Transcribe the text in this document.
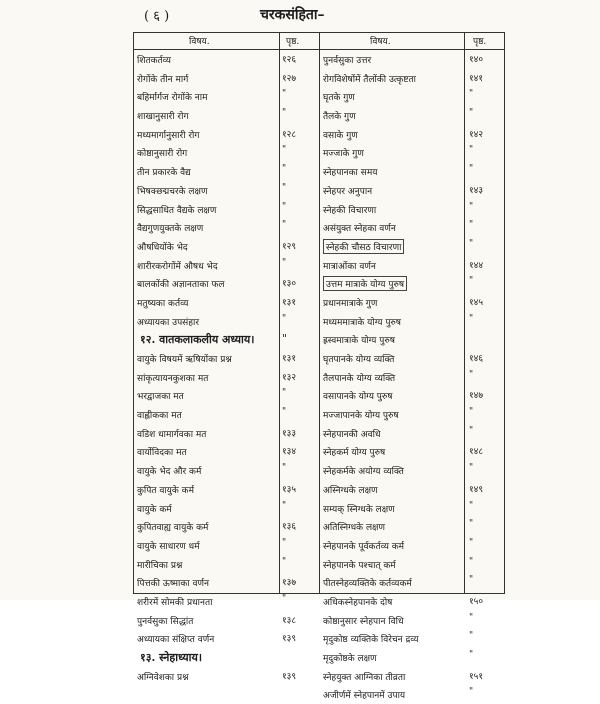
( ६ )	चरकसंहिता–
विषय.	पृष्ठ.	विषय.	पृष्ठ.
शितकर्तव्य	१२६
रोगोंके तीन मार्ग	१२७
बहिर्मार्गज रोगोंके नाम	"
शाखानुसारी रोग	"
मध्यमार्गानुसारी रोग	१२८
कोष्ठानुसारी रोग	"
तीन प्रकारके वैद्य	"
भिषक्छद्मचरके लक्षण	"
सिद्धसाधित वैद्यके लक्षण	"
वैद्यगुणयुक्तके लक्षण	"
औषधियोंके भेद	१२९
शारीरकरोगोंमें औषध भेद	"
बालकोंकी अज्ञानताका फल	१३०
मतुष्यका कर्तव्य	१३१
अध्यायका उपसंहार	"
१२. वातकलाकलीय अध्याय।	"
वायुके विषयमें ऋषियोंका प्रश्न	१३१
सांकृत्यायनकुशका मत	१३२
भरद्वाजका मत	"
वाह्लीकका मत	"
वडिश धामार्गवका मत	१३३
वार्योविदका मत	१३४
वायुके भेद और कर्म	"
कुपित वायुके कर्म	१३५
वायुके कर्म	"
कुपितवाह्य वायुके कर्म	१३६
वायुके साधारण धर्म	"
मारीचिका प्रश्न	"
पित्तकी ऊष्माका वर्णन	१३७
शरीरमें सोमकी प्रधानता	"
पुनर्वसुका सिद्धांत	१३८
अध्यायका संक्षिप्त वर्णन	१३९
१३. स्नेहाध्याय।
अग्निवेशका प्रश्न	१३९
पुनर्वसुका उत्तर	१४०
रोगविशेषोंमें तैलोंकी उत्कृष्टता	१४१
घृतके गुण	"
तैलके गुण	"
वसाके गुण	१४२
मज्जाके गुण	"
स्नेहपानका समय	"
स्नेहपर अनुपान	१४३
स्नेहकी विचारणा	"
असंयुक्त स्नेहका वर्णन	"
स्नेहकी चौसठ विचारणा	"
मात्राओंका वर्णन	१४४
उत्तम मात्राके योग्य पुरुष	"
प्रधानमात्राके गुण	१४५
मध्यममात्राके योग्य पुरुष	"
ह्रस्वमात्राके योग्य पुरुष
घृतपानके योग्य व्यक्ति	१४६
तैलपानके योग्य व्यक्ति	"
वसापानके योग्य पुरुष	१४७
मज्जापानके योग्य पुरुष	"
स्नेहपानकी अवधि	"
स्नेहकर्म योग्य पुरुष	१४८
स्नेहकर्मके अयोग्य व्यक्ति	"
अस्निग्धके लक्षण	१४९
सम्यक् स्निग्धके लक्षण	"
अतिस्निग्धके लक्षण	"
स्नेहपानके पूर्वकर्तव्य कर्म	"
स्नेहपानके पश्चात् कर्म	"
पीतस्नेहव्यक्तिके कर्तव्यकर्म	"
अधिकस्नेहपानके दोष	१५०
कोष्ठानुसार स्नेहपान विधि	"
मृदुकोष्ठ व्यक्तिके विरेचन द्रव्य	"
मृदुकोष्ठके लक्षण	"
स्नेहयुक्त आग्निका तीव्रता	१५१
अजीर्णमें स्नेहपानमें उपाय	"
